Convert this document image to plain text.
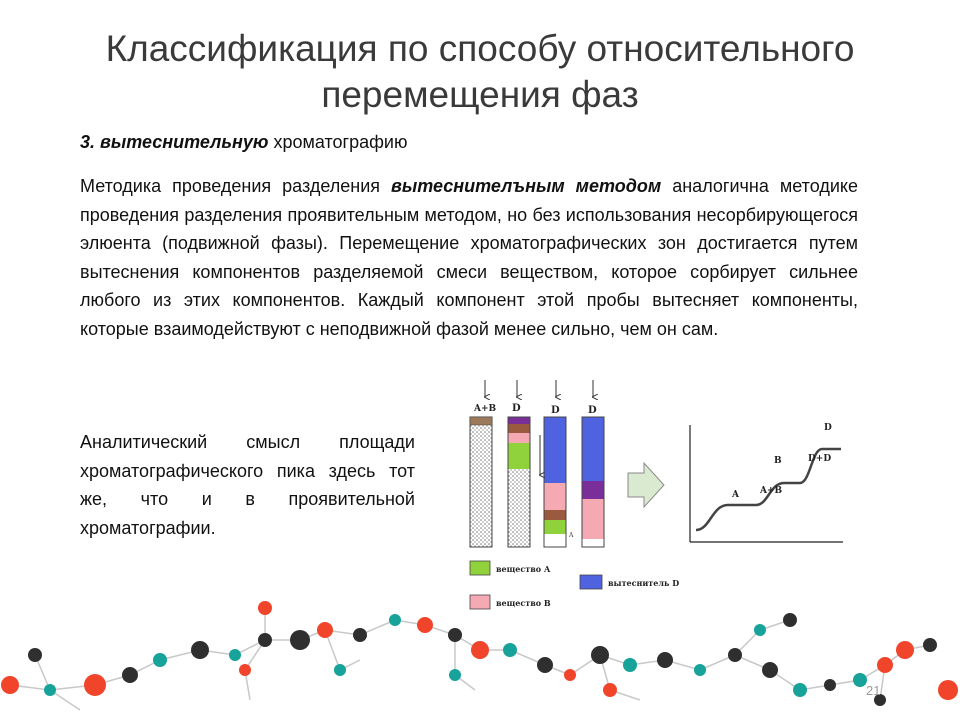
Классификация по способу относительного
перемещения фаз
3. вытеснительную хроматографию
Методика проведения разделения вытеснителъным методом аналогична методике проведения разделения проявительным методом, но без использования несорбирующегося элюента (подвижной фазы). Перемещение хроматографических зон достигается путем вытеснения компонентов разделяемой смеси веществом, которое сорбирует сильнее любого из этих компонентов. Каждый компонент этой пробы вытесняет компоненты, которые взаимодействуют с неподвижной фазой менее сильно, чем он сам.
Аналитический смысл площади хроматографического пика здесь тот же, что и в проявительной хроматографии.
A+B D	D	D
A
A
B
A+B
D+D
D
вещество А
вещество В
вытеснитель D
21
